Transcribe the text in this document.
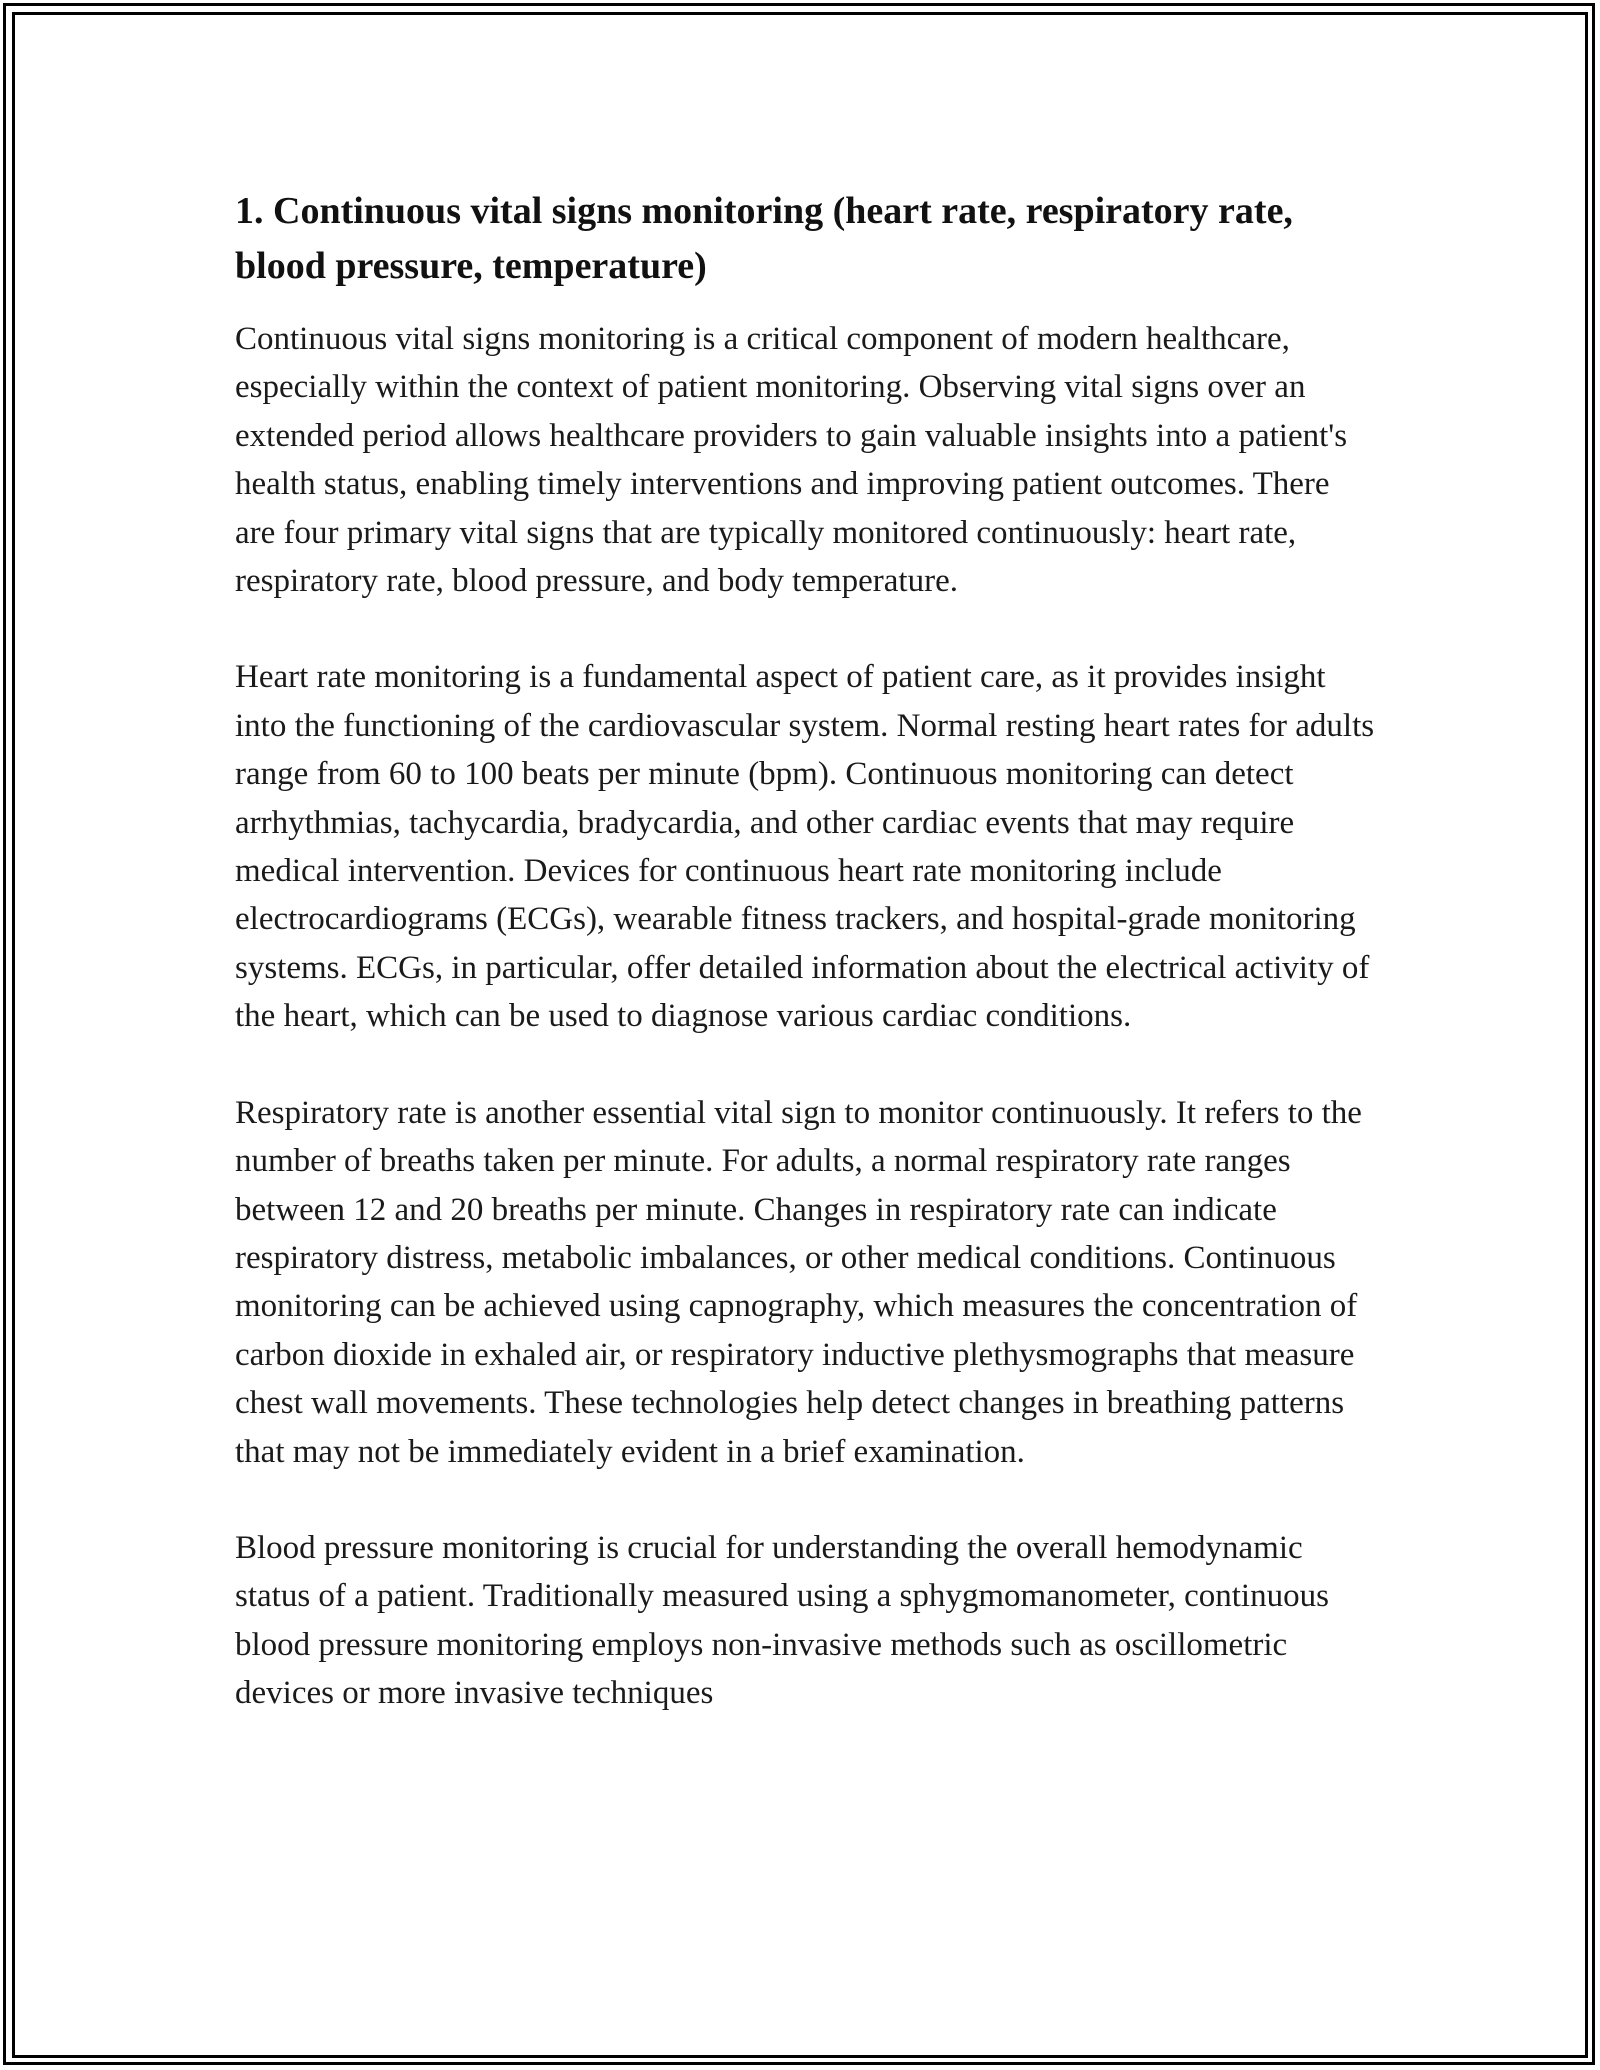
1. Continuous vital signs monitoring (heart rate, respiratory rate, blood pressure, temperature)

Continuous vital signs monitoring is a critical component of modern healthcare, especially within the context of patient monitoring. Observing vital signs over an extended period allows healthcare providers to gain valuable insights into a patient's health status, enabling timely interventions and improving patient outcomes. There are four primary vital signs that are typically monitored continuously: heart rate, respiratory rate, blood pressure, and body temperature.

Heart rate monitoring is a fundamental aspect of patient care, as it provides insight into the functioning of the cardiovascular system. Normal resting heart rates for adults range from 60 to 100 beats per minute (bpm). Continuous monitoring can detect arrhythmias, tachycardia, bradycardia, and other cardiac events that may require medical intervention. Devices for continuous heart rate monitoring include electrocardiograms (ECGs), wearable fitness trackers, and hospital-grade monitoring systems. ECGs, in particular, offer detailed information about the electrical activity of the heart, which can be used to diagnose various cardiac conditions.

Respiratory rate is another essential vital sign to monitor continuously. It refers to the number of breaths taken per minute. For adults, a normal respiratory rate ranges between 12 and 20 breaths per minute. Changes in respiratory rate can indicate respiratory distress, metabolic imbalances, or other medical conditions. Continuous monitoring can be achieved using capnography, which measures the concentration of carbon dioxide in exhaled air, or respiratory inductive plethysmographs that measure chest wall movements. These technologies help detect changes in breathing patterns that may not be immediately evident in a brief examination.

Blood pressure monitoring is crucial for understanding the overall hemodynamic status of a patient. Traditionally measured using a sphygmomanometer, continuous blood pressure monitoring employs non-invasive methods such as oscillometric devices or more invasive techniques
